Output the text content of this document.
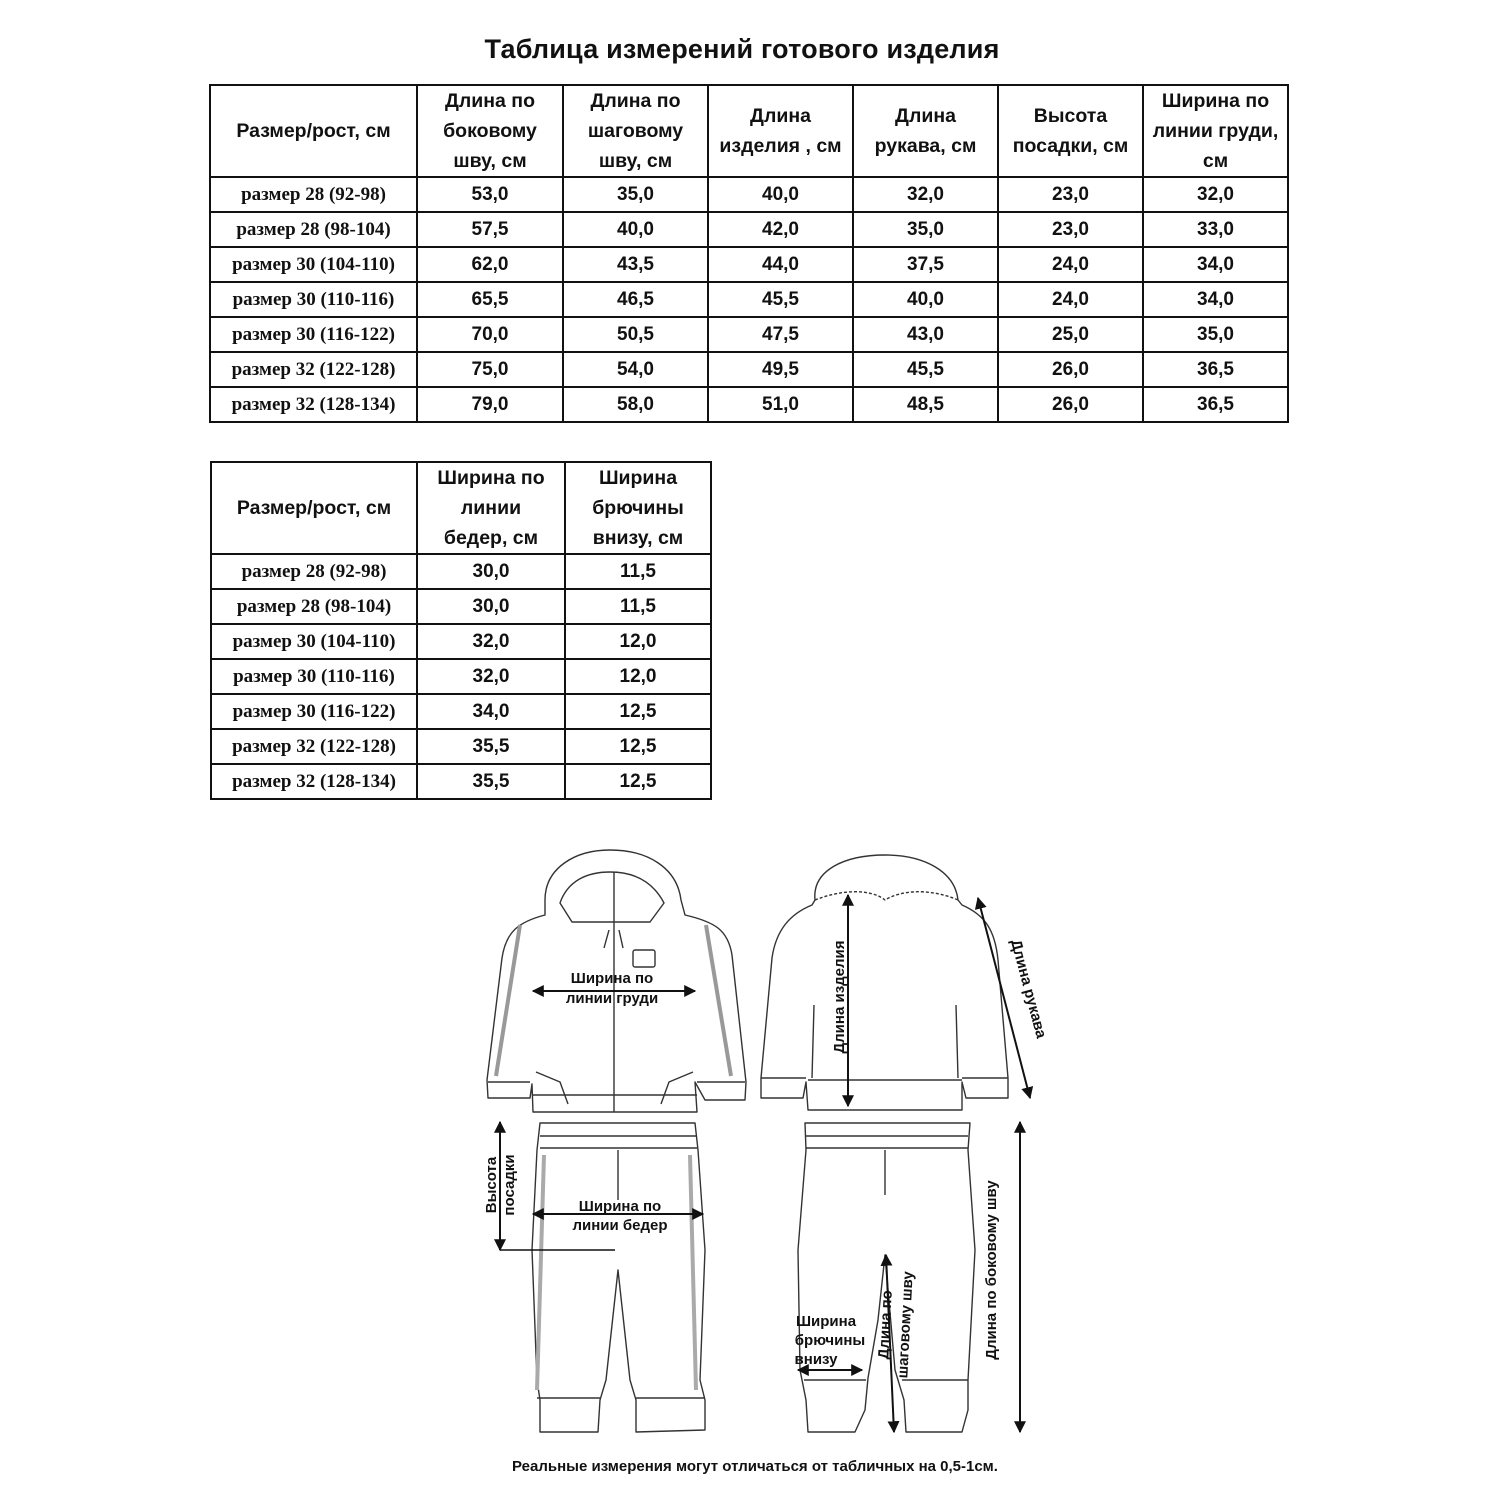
Таблица измерений готового изделия
Размер/рост, см	Длина по
боковому
шву, см	Длина по
шаговому
шву, см	Длина
изделия , см	Длина
рукава, см	Высота
посадки, см	Ширина по
линии груди,
см
размер 28 (92-98)	53,0	35,0	40,0	32,0	23,0	32,0
размер 28 (98-104)	57,5	40,0	42,0	35,0	23,0	33,0
размер 30 (104-110)	62,0	43,5	44,0	37,5	24,0	34,0
размер 30 (110-116)	65,5	46,5	45,5	40,0	24,0	34,0
размер 30 (116-122)	70,0	50,5	47,5	43,0	25,0	35,0
размер 32 (122-128)	75,0	54,0	49,5	45,5	26,0	36,5
размер 32 (128-134)	79,0	58,0	51,0	48,5	26,0	36,5
Размер/рост, см	Ширина по
линии
бедер, см	Ширина
брючины
внизу, см
размер 28 (92-98)	30,0	11,5
размер 28 (98-104)	30,0	11,5
размер 30 (104-110)	32,0	12,0
размер 30 (110-116)	32,0	12,0
размер 30 (116-122)	34,0	12,5
размер 32 (122-128)	35,5	12,5
размер 32 (128-134)	35,5	12,5
Ширина по
линии груди	Длина изделия	Длина рукава
Высота посадки	Ширина по
линии бедер
Ширина
брючины
внизу	Длина по
шаговому шву	Длина по боковому шву
Реальные измерения могут отличаться от табличных на 0,5-1см.
